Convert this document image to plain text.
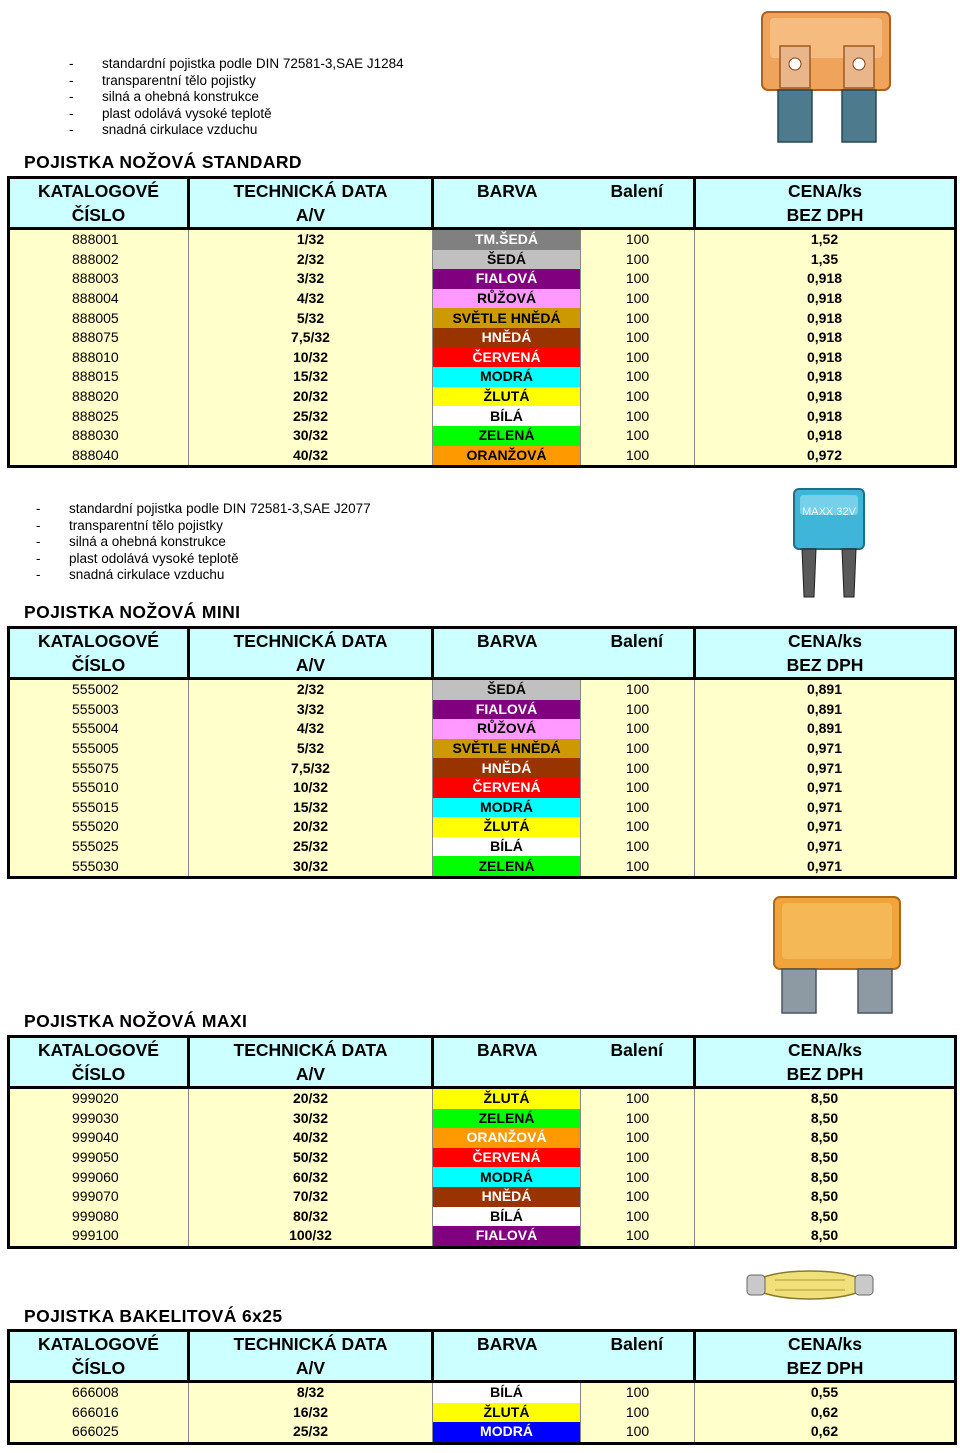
- standardní pojistka podle DIN 72581-3,SAE J1284
- transparentní tělo pojistky
- silná a ohebná konstrukce
- plast odolává vysoké teplotě
- snadná cirkulace vzduchu
POJISTKA NOŽOVÁ STANDARD
KATALOGOVÉ	TECHNICKÁ DATA	BARVA	Balení	CENA/ks
ČÍSLO	A/V			BEZ DPH
888001	1/32	TM.ŠEDÁ	100	1,52
888002	2/32	ŠEDÁ	100	1,35
888003	3/32	FIALOVÁ	100	0,918
888004	4/32	RŮŽOVÁ	100	0,918
888005	5/32	SVĚTLE HNĚDÁ	100	0,918
888075	7,5/32	HNĚDÁ	100	0,918
888010	10/32	ČERVENÁ	100	0,918
888015	15/32	MODRÁ	100	0,918
888020	20/32	ŽLUTÁ	100	0,918
888025	25/32	BÍLÁ	100	0,918
888030	30/32	ZELENÁ	100	0,918
888040	40/32	ORANŽOVÁ	100	0,972
- standardní pojistka podle DIN 72581-3,SAE J2077
- transparentní tělo pojistky
- silná a ohebná konstrukce
- plast odolává vysoké teplotě
- snadná cirkulace vzduchu
POJISTKA NOŽOVÁ MINI
MAXX 32V
KATALOGOVÉ	TECHNICKÁ DATA	BARVA	Balení	CENA/ks
ČÍSLO	A/V			BEZ DPH
555002	2/32	ŠEDÁ	100	0,891
555003	3/32	FIALOVÁ	100	0,891
555004	4/32	RŮŽOVÁ	100	0,891
555005	5/32	SVĚTLE HNĚDÁ	100	0,971
555075	7,5/32	HNĚDÁ	100	0,971
555010	10/32	ČERVENÁ	100	0,971
555015	15/32	MODRÁ	100	0,971
555020	20/32	ŽLUTÁ	100	0,971
555025	25/32	BÍLÁ	100	0,971
555030	30/32	ZELENÁ	100	0,971
POJISTKA NOŽOVÁ MAXI
KATALOGOVÉ	TECHNICKÁ DATA	BARVA	Balení	CENA/ks
ČÍSLO	A/V			BEZ DPH
999020	20/32	ŽLUTÁ	100	8,50
999030	30/32	ZELENÁ	100	8,50
999040	40/32	ORANŽOVÁ	100	8,50
999050	50/32	ČERVENÁ	100	8,50
999060	60/32	MODRÁ	100	8,50
999070	70/32	HNĚDÁ	100	8,50
999080	80/32	BÍLÁ	100	8,50
999100	100/32	FIALOVÁ	100	8,50
POJISTKA BAKELITOVÁ 6x25
KATALOGOVÉ	TECHNICKÁ DATA	BARVA	Balení	CENA/ks
ČÍSLO	A/V			BEZ DPH
666008	8/32	BÍLÁ	100	0,55
666016	16/32	ŽLUTÁ	100	0,62
666025	25/32	MODRÁ	100	0,62
